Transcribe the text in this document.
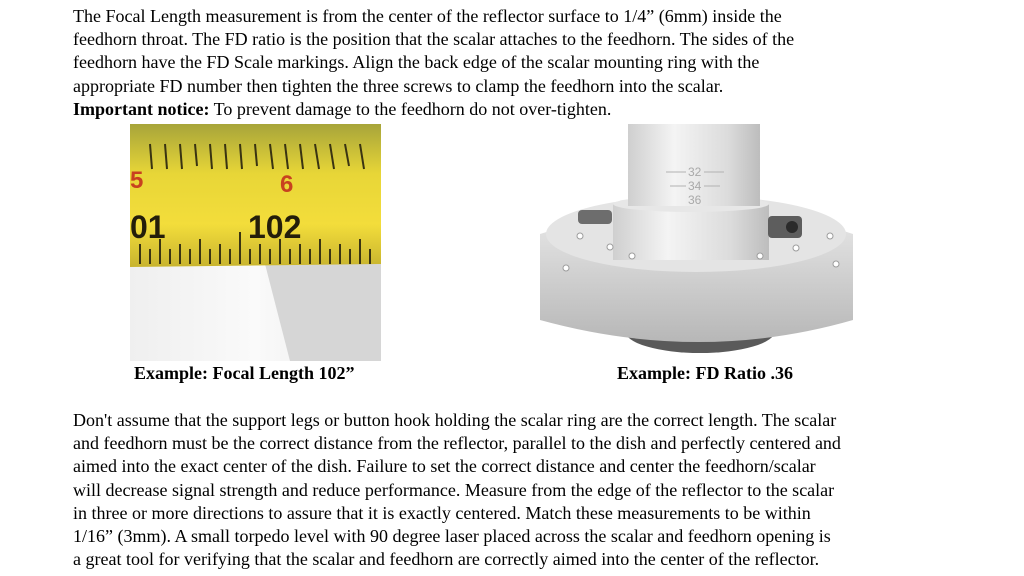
The Focal Length measurement is from the center of the reflector surface to 1/4” (6mm) inside the
feedhorn throat. The FD ratio is the position that the scalar attaches to the feedhorn. The sides of the
feedhorn have the FD Scale markings. Align the back edge of the scalar mounting ring with the
appropriate FD number then tighten the three screws to clamp the feedhorn into the scalar.
Important notice: To prevent damage to the feedhorn do not over-tighten.
5	6
01	102
32
34
36
Example: Focal Length 102”	Example: FD Ratio .36
Don't assume that the support legs or button hook holding the scalar ring are the correct length. The scalar
and feedhorn must be the correct distance from the reflector, parallel to the dish and perfectly centered and
aimed into the exact center of the dish. Failure to set the correct distance and center the feedhorn/scalar
will decrease signal strength and reduce performance. Measure from the edge of the reflector to the scalar
in three or more directions to assure that it is exactly centered. Match these measurements to be within
1/16” (3mm). A small torpedo level with 90 degree laser placed across the scalar and feedhorn opening is
a great tool for verifying that the scalar and feedhorn are correctly aimed into the center of the reflector.
